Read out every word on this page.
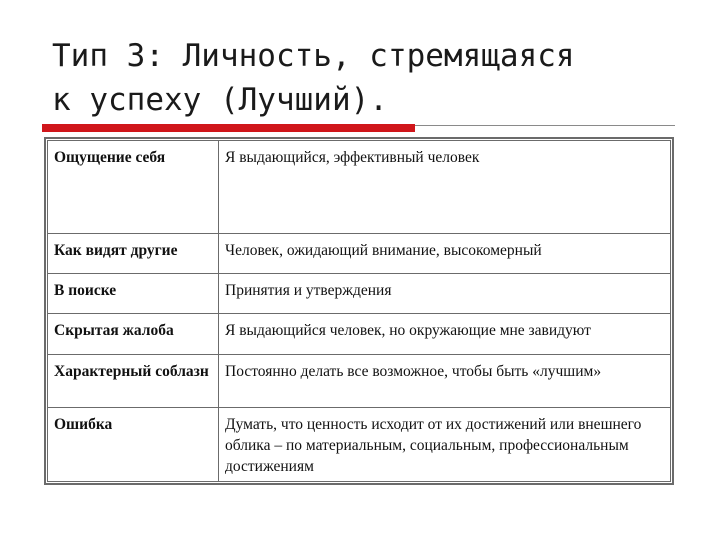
Тип 3: Личность, стремящаяся
к успеху (Лучший).
Ощущение себя	Я выдающийся, эффективный человек
Как видят другие	Человек, ожидающий внимание, высокомерный
В поиске	Принятия и утверждения
Скрытая жалоба	Я выдающийся человек, но окружающие мне завидуют
Характерный соблазн	Постоянно делать все возможное, чтобы быть «лучшим»
Ошибка	Думать, что ценность исходит от их достижений или внешнего облика – по материальным, социальным, профессиональным достижениям
